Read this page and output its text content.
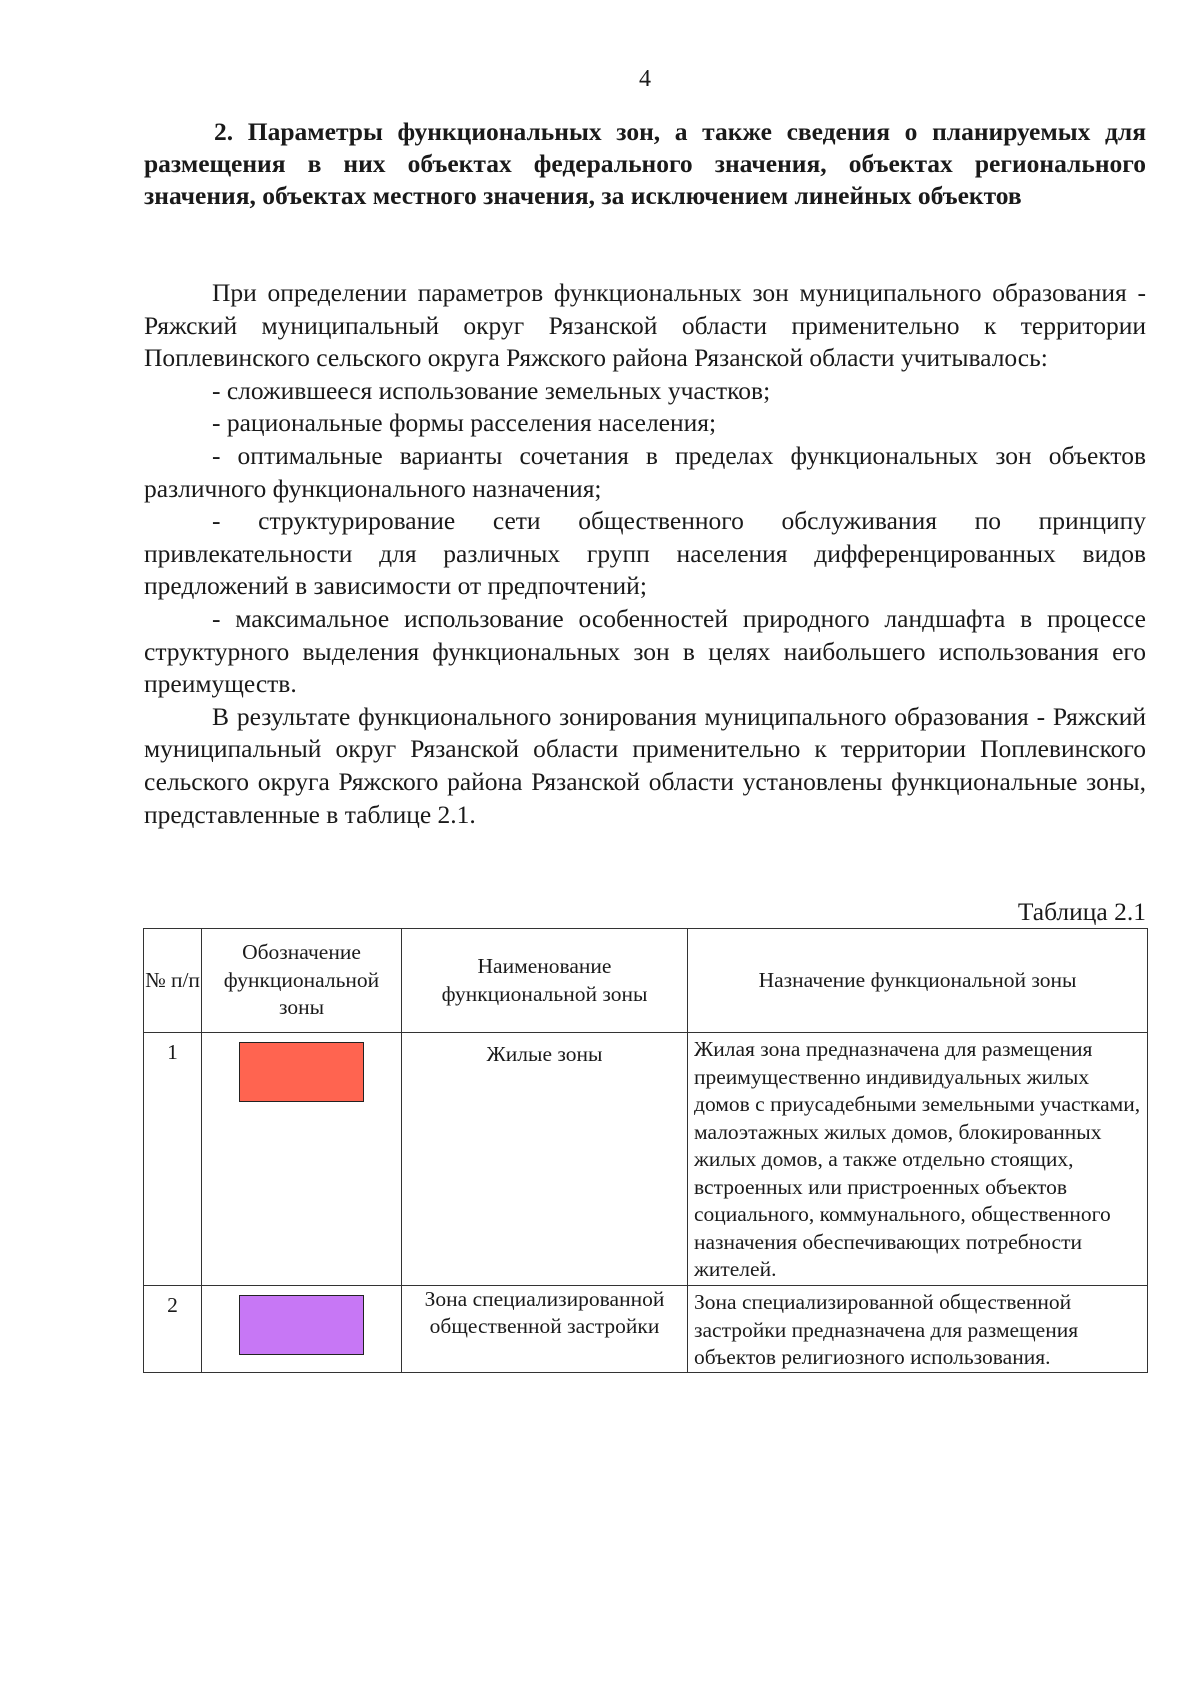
4
2. Параметры функциональных зон, а также сведения о планируемых для размещения в них объектах федерального значения, объектах регионального значения, объектах местного значения, за исключением линейных объектов

При определении параметров функциональных зон муниципального образования - Ряжский муниципальный округ Рязанской области применительно к территории Поплевинского сельского округа Ряжского района Рязанской области учитывалось:

- сложившееся использование земельных участков;

- рациональные формы расселения населения;

- оптимальные варианты сочетания в пределах функциональных зон объектов различного функционального назначения;

- структурирование сети общественного обслуживания по принципу привлекательности для различных групп населения дифференцированных видов предложений в зависимости от предпочтений;

- максимальное использование особенностей природного ландшафта в процессе структурного выделения функциональных зон в целях наибольшего использования его преимуществ.

В результате функционального зонирования муниципального образования - Ряжский муниципальный округ Рязанской области применительно к территории Поплевинского сельского округа Ряжского района Рязанской области установлены функциональные зоны, представленные в таблице 2.1.

Таблица 2.1
№ п/п	Обозначение функциональной зоны	Наименование функциональной зоны	Назначение функциональной зоны
1		Жилые зоны	Жилая зона предназначена для размещения преимущественно индивидуальных жилых домов с приусадебными земельными участками, малоэтажных жилых домов, блокированных жилых домов, а также отдельно стоящих, встроенных или пристроенных объектов социального, коммунального, общественного назначения обеспечивающих потребности жителей.
2		Зона специализированной общественной застройки	Зона специализированной общественной застройки предназначена для размещения объектов религиозного использования.
